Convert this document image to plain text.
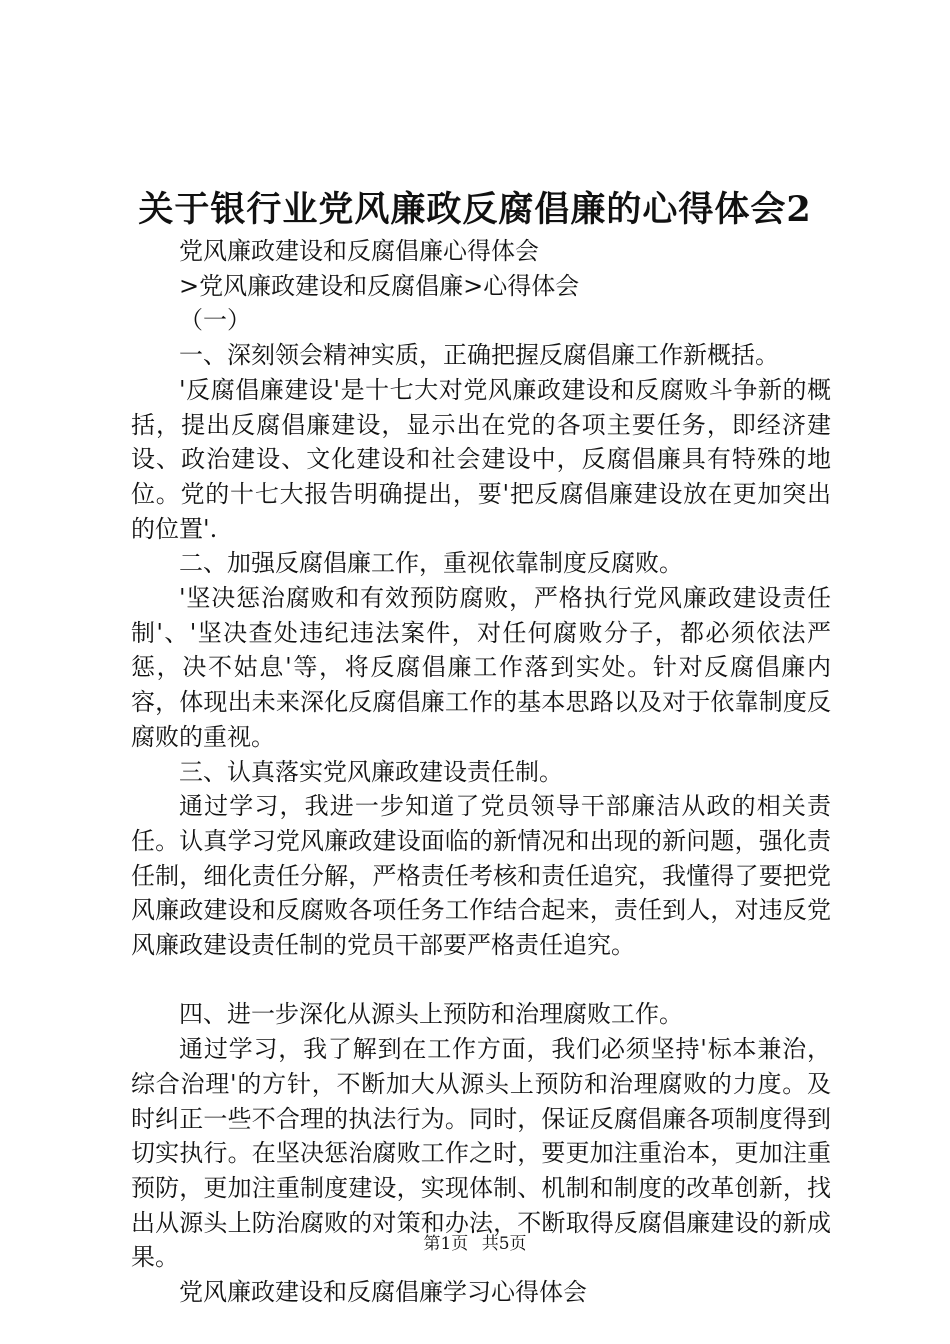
关于银行业党风廉政反腐倡廉的心得体会2

党风廉政建设和反腐倡廉心得体会

>党风廉政建设和反腐倡廉>心得体会

（一）

一、深刻领会精神实质，正确把握反腐倡廉工作新概括。

'反腐倡廉建设'是十七大对党风廉政建设和反腐败斗争新的概括，提出反腐倡廉建设，显示出在党的各项主要任务，即经济建设、政治建设、文化建设和社会建设中，反腐倡廉具有特殊的地位。党的十七大报告明确提出，要'把反腐倡廉建设放在更加突出的位置'.

二、加强反腐倡廉工作，重视依靠制度反腐败。

'坚决惩治腐败和有效预防腐败，严格执行党风廉政建设责任制'、'坚决查处违纪违法案件，对任何腐败分子，都必须依法严惩，决不姑息'等，将反腐倡廉工作落到实处。针对反腐倡廉内容，体现出未来深化反腐倡廉工作的基本思路以及对于依靠制度反腐败的重视。

三、认真落实党风廉政建设责任制。

通过学习，我进一步知道了党员领导干部廉洁从政的相关责任。认真学习党风廉政建设面临的新情况和出现的新问题，强化责任制，细化责任分解，严格责任考核和责任追究，我懂得了要把党风廉政建设和反腐败各项任务工作结合起来，责任到人，对违反党风廉政建设责任制的党员干部要严格责任追究。

四、进一步深化从源头上预防和治理腐败工作。

通过学习，我了解到在工作方面，我们必须坚持'标本兼治，综合治理'的方针，不断加大从源头上预防和治理腐败的力度。及时纠正一些不合理的执法行为。同时，保证反腐倡廉各项制度得到切实执行。在坚决惩治腐败工作之时，要更加注重治本，更加注重预防，更加注重制度建设，实现体制、机制和制度的改革创新，找出从源头上防治腐败的对策和办法，不断取得反腐倡廉建设的新成果。

党风廉政建设和反腐倡廉学习心得体会

第1页 共5页
